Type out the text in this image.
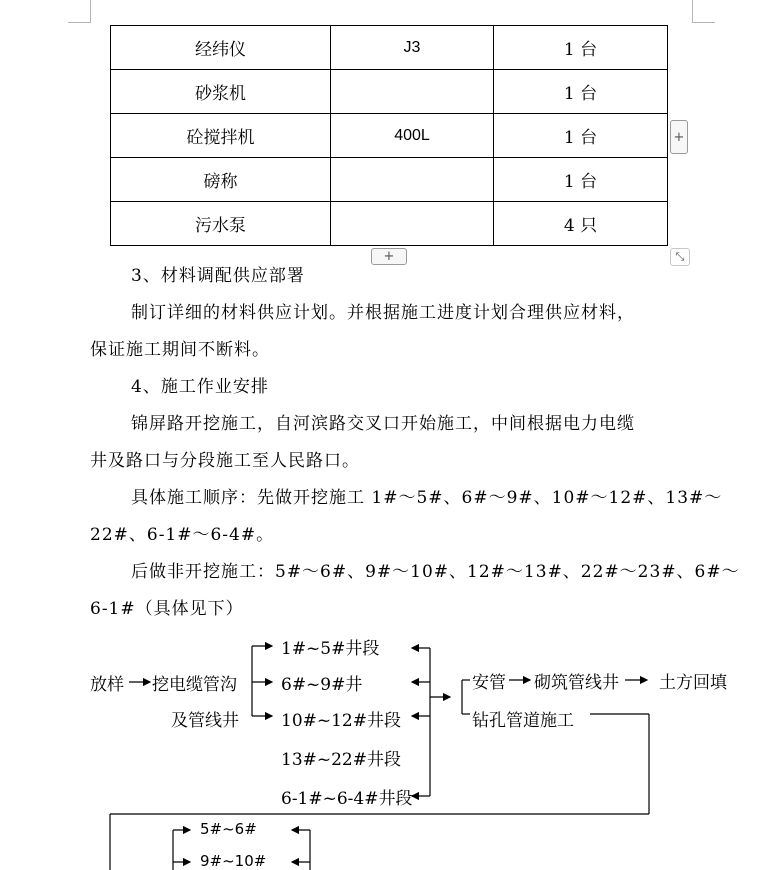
经纬仪	J3	1 台
砂浆机		1 台
砼搅拌机	400L	1 台
磅称		1 台
污水泵		4 只
+
+	⤡
3、材料调配供应部署
制订详细的材料供应计划。并根据施工进度计划合理供应材料，
保证施工期间不断料。
4、施工作业安排
锦屏路开挖施工，自河滨路交叉口开始施工，中间根据电力电缆
井及路口与分段施工至人民路口。
具体施工顺序：先做开挖施工 1#～5#、6#～9#、10#～12#、13#～
22#、6-1#～6-4#。
后做非开挖施工：5#～6#、9#～10#、12#～13#、22#～23#、6#～
6-1#（具体见下）
放样 挖电缆管沟
及管线井
1#~5#井段
6#~9#井
10#~12#井段
13#~22#井段
6-1#~6-4#井段
安管 砌筑管线井 土方回填
钻孔管道施工
5#~6#
9#~10#
